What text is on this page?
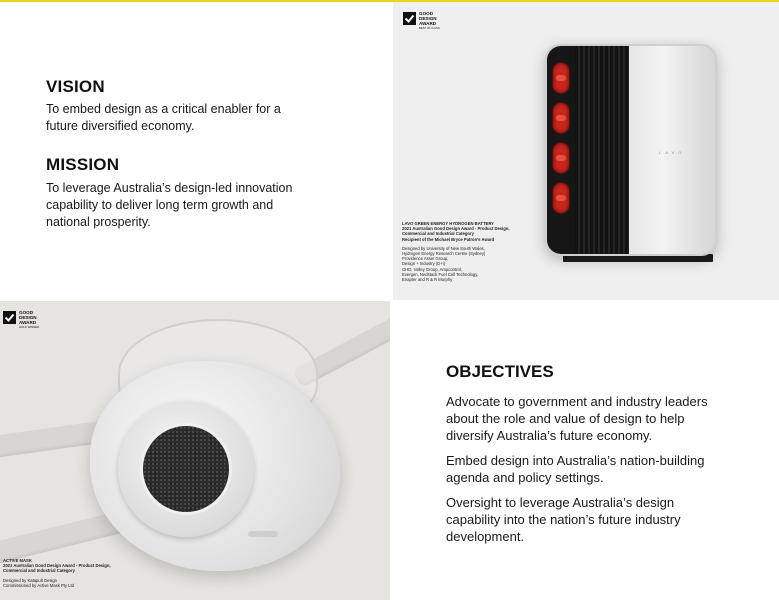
VISION
To embed design as a critical enabler for a
future diversified economy.
MISSION
To leverage Australia’s design-led innovation
capability to deliver long term growth and
national prosperity.
GOOD
DESIGN
AWARD
BEST IN CLASS
LAVO
LAVO GREEN ENERGY HYDROGEN BATTERY
2021 Australian Good Design Award - Product Design,
Commercial and Industrial Category
Recipient of the Michael Bryce Patron’s Award
Designed by University of New South Wales,
Hydrogen Energy Research Centre (Sydney)
Providence Asset Group,
Design + Industry (D+i)
GHD, Valley Group, Ampcontrol,
Evergen, Nedstack Fuel Cell Technology,
Enapter and R & R Murphy
GOOD
DESIGN
AWARD
GOLD WINNER
ACTIVE MASK
2021 Australian Good Design Award - Product Design,
Commercial and Industrial Category
Designed by Katapult Design
Commissioned by Active Mask Pty Ltd
OBJECTIVES
Advocate to government and industry leaders
about the role and value of design to help
diversify Australia’s future economy.
Embed design into Australia’s nation-building
agenda and policy settings.
Oversight to leverage Australia’s design
capability into the nation’s future industry
development.
